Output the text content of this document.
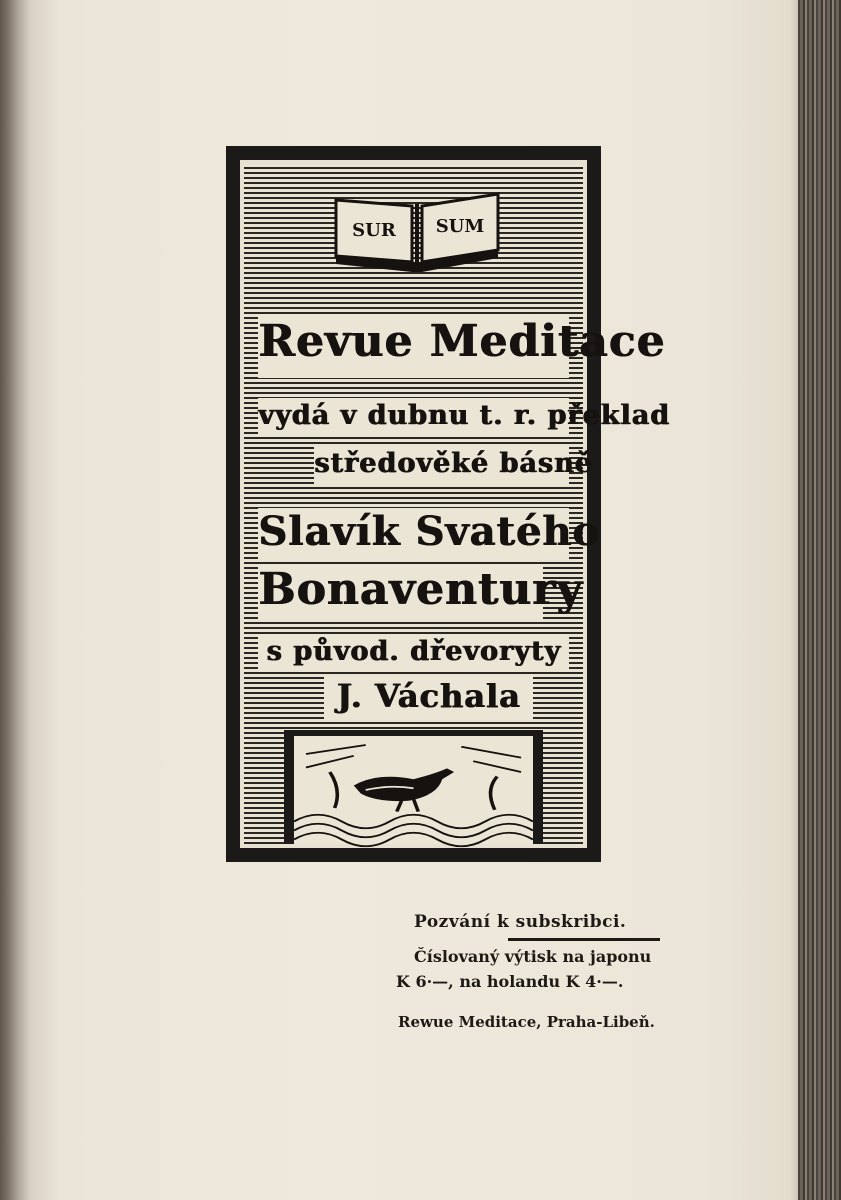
SUR SUM
Revue Meditace
vydá v dubnu t. r. překlad
středověké básně
Slavík Svatého
Bonaventury
s původ. dřevoryty
J. Váchala
Pozvání k subskribci.
Číslovaný výtisk na japonu
K 6·—, na holandu K 4·—.
Rewue Meditace, Praha-Libeň.
